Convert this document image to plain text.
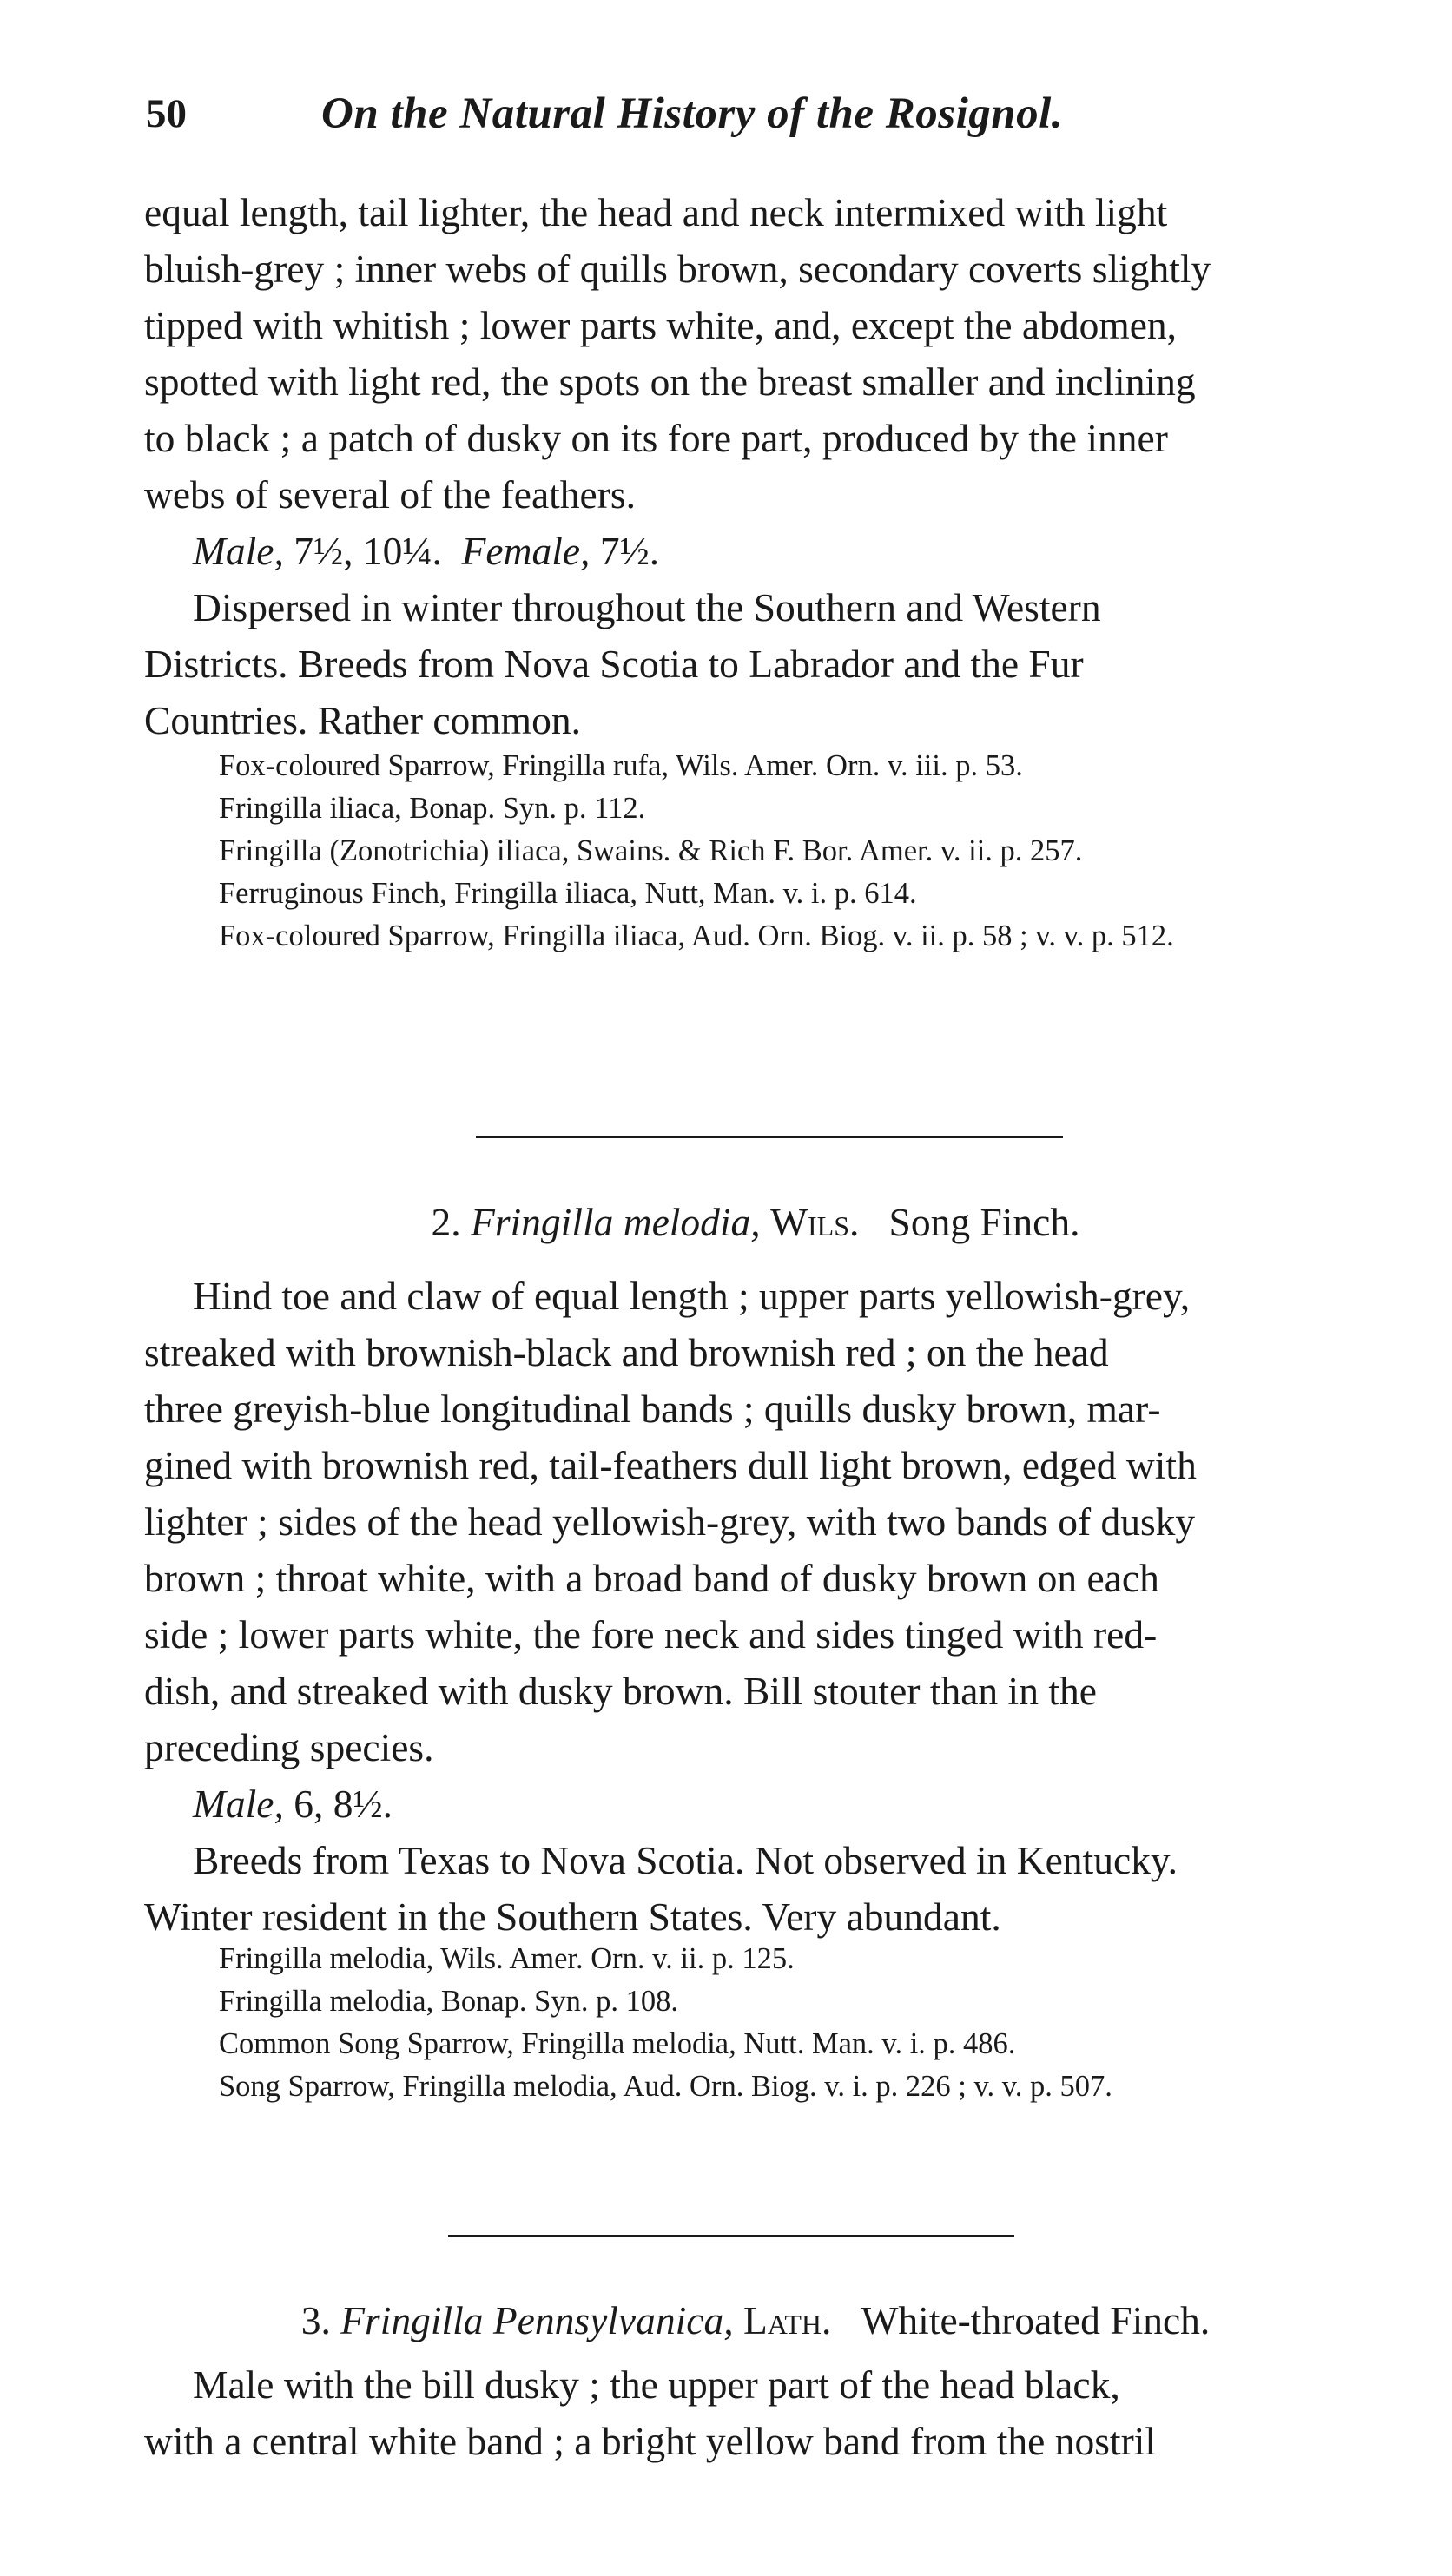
50	On the Natural History of the Rosignol.

equal length, tail lighter, the head and neck intermixed with light

bluish-grey ; inner webs of quills brown, secondary coverts slightly

tipped with whitish ; lower parts white, and, except the abdomen,

spotted with light red, the spots on the breast smaller and inclining

to black ; a patch of dusky on its fore part, produced by the inner

webs of several of the feathers.

Male, 7½, 10¼. Female, 7½.

Dispersed in winter throughout the Southern and Western

Districts. Breeds from Nova Scotia to Labrador and the Fur

Countries. Rather common.

Fox-coloured Sparrow, Fringilla rufa, Wils. Amer. Orn. v. iii. p. 53.

Fringilla iliaca, Bonap. Syn. p. 112.

Fringilla (Zonotrichia) iliaca, Swains. & Rich F. Bor. Amer. v. ii. p. 257.

Ferruginous Finch, Fringilla iliaca, Nutt, Man. v. i. p. 614.

Fox-coloured Sparrow, Fringilla iliaca, Aud. Orn. Biog. v. ii. p. 58 ; v. v. p. 512.

2. Fringilla melodia, Wils. Song Finch.

Hind toe and claw of equal length ; upper parts yellowish-grey,

streaked with brownish-black and brownish red ; on the head

three greyish-blue longitudinal bands ; quills dusky brown, mar-

gined with brownish red, tail-feathers dull light brown, edged with

lighter ; sides of the head yellowish-grey, with two bands of dusky

brown ; throat white, with a broad band of dusky brown on each

side ; lower parts white, the fore neck and sides tinged with red-

dish, and streaked with dusky brown. Bill stouter than in the

preceding species.

Male, 6, 8½.

Breeds from Texas to Nova Scotia. Not observed in Kentucky.

Winter resident in the Southern States. Very abundant.

Fringilla melodia, Wils. Amer. Orn. v. ii. p. 125.

Fringilla melodia, Bonap. Syn. p. 108.

Common Song Sparrow, Fringilla melodia, Nutt. Man. v. i. p. 486.

Song Sparrow, Fringilla melodia, Aud. Orn. Biog. v. i. p. 226 ; v. v. p. 507.

3. Fringilla Pennsylvanica, Lath. White-throated Finch.

Male with the bill dusky ; the upper part of the head black,

with a central white band ; a bright yellow band from the nostril
